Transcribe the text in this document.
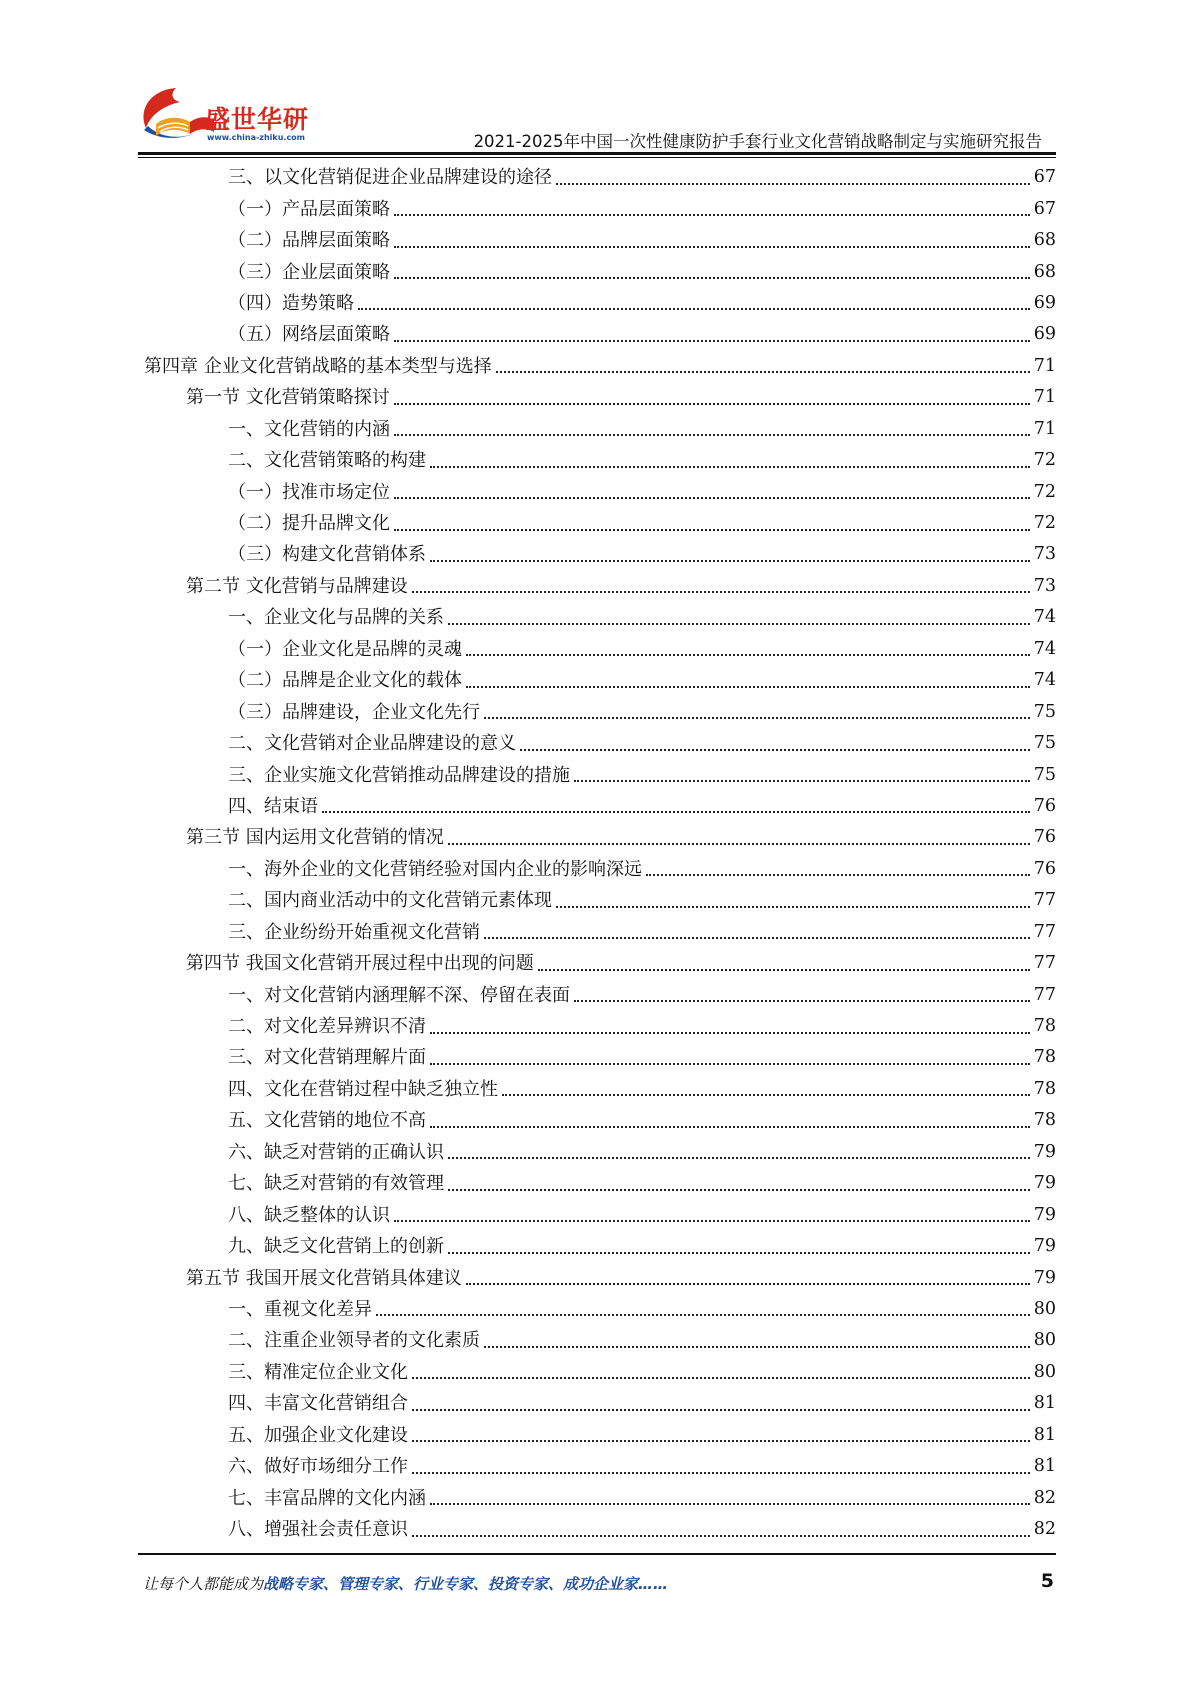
盛世华研
www.china-zhiku.com	2021-2025年中国一次性健康防护手套行业文化营销战略制定与实施研究报告
三、以文化营销促进企业品牌建设的途径	67
（一）产品层面策略	67
（二）品牌层面策略	68
（三）企业层面策略	68
（四）造势策略	69
（五）网络层面策略	69
第四章 企业文化营销战略的基本类型与选择	71
第一节 文化营销策略探讨	71
一、文化营销的内涵	71
二、文化营销策略的构建	72
（一）找准市场定位	72
（二）提升品牌文化	72
（三）构建文化营销体系	73
第二节 文化营销与品牌建设	73
一、企业文化与品牌的关系	74
（一）企业文化是品牌的灵魂	74
（二）品牌是企业文化的载体	74
（三）品牌建设，企业文化先行	75
二、文化营销对企业品牌建设的意义	75
三、企业实施文化营销推动品牌建设的措施	75
四、结束语	76
第三节 国内运用文化营销的情况	76
一、海外企业的文化营销经验对国内企业的影响深远	76
二、国内商业活动中的文化营销元素体现	77
三、企业纷纷开始重视文化营销	77
第四节 我国文化营销开展过程中出现的问题	77
一、对文化营销内涵理解不深、停留在表面	77
二、对文化差异辨识不清	78
三、对文化营销理解片面	78
四、文化在营销过程中缺乏独立性	78
五、文化营销的地位不高	78
六、缺乏对营销的正确认识	79
七、缺乏对营销的有效管理	79
八、缺乏整体的认识	79
九、缺乏文化营销上的创新	79
第五节 我国开展文化营销具体建议	79
一、重视文化差异	80
二、注重企业领导者的文化素质	80
三、精准定位企业文化	80
四、丰富文化营销组合	81
五、加强企业文化建设	81
六、做好市场细分工作	81
七、丰富品牌的文化内涵	82
八、增强社会责任意识	82
让每个人都能成为战略专家、管理专家、行业专家、投资专家、成功企业家……	5
